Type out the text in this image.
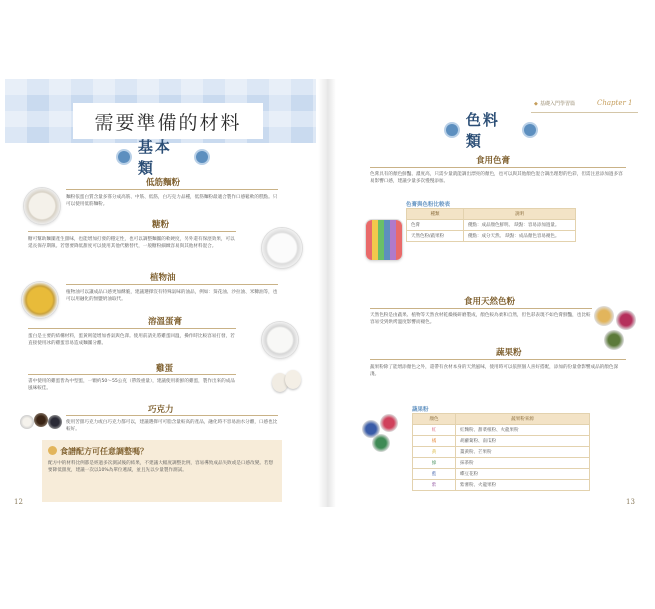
需要準備的材料
基本類
低筋麵粉
麵粉依蛋白質含量多寡分成高筋、中筋、低筋，白巧克力品種，低筋麵粉最適合製作口感鬆軟的糕點。只可以使用低筋麵粉。
糖粉
糖可幫助麵團產生甜味，也能增加打發的穩定性，也可以調整麵團的軟硬度，另外還有保溼效果，可以延長保存期限。若想要降低甜度可以使用其他代糖替代，一般糖粉細緻容易與其他材料混合。
植物油
植物油可以讓成品口感更加酥脆，建議選擇沒有特殊氣味的油品，例如：葵花油、沙拉油、米糠油等，也可以用融化的無鹽奶油取代。
溶溫蛋膏
蛋白是主要的結構材料，蛋黃則能增加香氣與色澤。使用前請先將雞蛋回溫，操作時比較容易打發，若直接使用冰的雞蛋容易造成麵團分離。
雞蛋
書中使用的雞蛋皆為中型蛋，一顆約50～55公克（帶殼重量），建議使用新鮮的雞蛋，製作出來的成品風味較佳。
巧克力
使用苦甜巧克力或白巧克力都可以，建議選擇可可脂含量較高的產品，融化時不容易油水分離，口感也比較好。
食譜配方可任意調整嗎？
配方中的材料比例都是經過多次測試後的結果，不建議大幅度調整比例，容易導致成品失敗或是口感改變。若想要降低甜度，建議一次以10%為單位遞減，並且先以少量製作測試。
12
◆ 基礎入門學習篇	Chapter 1
色料類
食用色膏
色膏具有的顏色鮮豔、濃度高，只需少量就能調出漂亮的顏色，也可以與其他顏色混合調出理想的色彩，但需注意添加過多容易影響口感，建議少量多次慢慢添加。
色膏與色粉比較表
種類	說明
色膏	優點：成品顏色鮮明。 缺點：容易添加過量。
天然色粉/蔬果粉	優點：成分天然。 缺點：成品顏色容易褪色。
食用天然色粉
天然色粉是由蔬果、植物等天然食材乾燥後研磨製成，顏色較為柔和自然，但色彩表現不如色膏鮮豔，也比較容易受到烘烤溫度影響而褪色。
蔬果粉
蔬果粉除了能增添顏色之外，還帶有食材本身的天然風味，使用時可以依照個人喜好搭配，添加的份量會影響成品的顏色深淺。
蔬果粉
顏色	蔬果粉來源
紅	紅麴粉、甜菜根粉、火龍果粉
橘	胡蘿蔔粉、南瓜粉
黃	薑黃粉、芒果粉
綠	抹茶粉
藍	蝶豆花粉
紫	紫薯粉、火龍果粉
13
